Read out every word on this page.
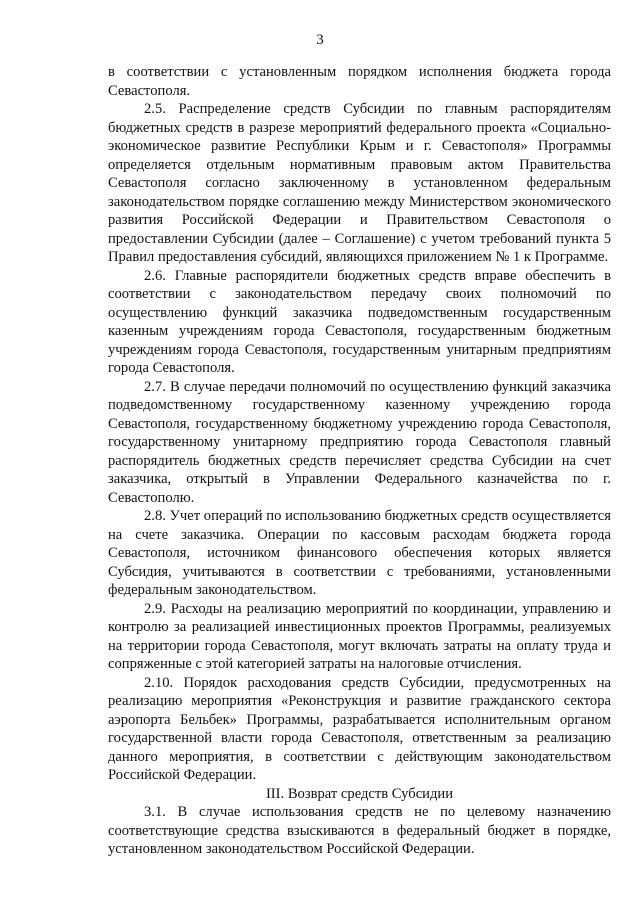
3

в соответствии с установленным порядком исполнения бюджета города Севастополя.

2.5. Распределение средств Субсидии по главным распорядителям бюджетных средств в разрезе мероприятий федерального проекта «Социально-экономическое развитие Республики Крым и г. Севастополя» Программы определяется отдельным нормативным правовым актом Правительства Севастополя согласно заключенному в установленном федеральным законодательством порядке соглашению между Министерством экономического развития Российской Федерации и Правительством Севастополя о предоставлении Субсидии (далее – Соглашение) с учетом требований пункта 5 Правил предоставления субсидий, являющихся приложением № 1 к Программе.

2.6. Главные распорядители бюджетных средств вправе обеспечить в соответствии с законодательством передачу своих полномочий по осуществлению функций заказчика подведомственным государственным казенным учреждениям города Севастополя, государственным бюджетным учреждениям города Севастополя, государственным унитарным предприятиям города Севастополя.

2.7. В случае передачи полномочий по осуществлению функций заказчика подведомственному государственному казенному учреждению города Севастополя, государственному бюджетному учреждению города Севастополя, государственному унитарному предприятию города Севастополя главный распорядитель бюджетных средств перечисляет средства Субсидии на счет заказчика, открытый в Управлении Федерального казначейства по г. Севастополю.

2.8. Учет операций по использованию бюджетных средств осуществляется на счете заказчика. Операции по кассовым расходам бюджета города Севастополя, источником финансового обеспечения которых является Субсидия, учитываются в соответствии с требованиями, установленными федеральным законодательством.

2.9. Расходы на реализацию мероприятий по координации, управлению и контролю за реализацией инвестиционных проектов Программы, реализуемых на территории города Севастополя, могут включать затраты на оплату труда и сопряженные с этой категорией затраты на налоговые отчисления.

2.10. Порядок расходования средств Субсидии, предусмотренных на реализацию мероприятия «Реконструкция и развитие гражданского сектора аэропорта Бельбек» Программы, разрабатывается исполнительным органом государственной власти города Севастополя, ответственным за реализацию данного мероприятия, в соответствии с действующим законодательством Российской Федерации.

III. Возврат средств Субсидии

3.1. В случае использования средств не по целевому назначению соответствующие средства взыскиваются в федеральный бюджет в порядке, установленном законодательством Российской Федерации.
